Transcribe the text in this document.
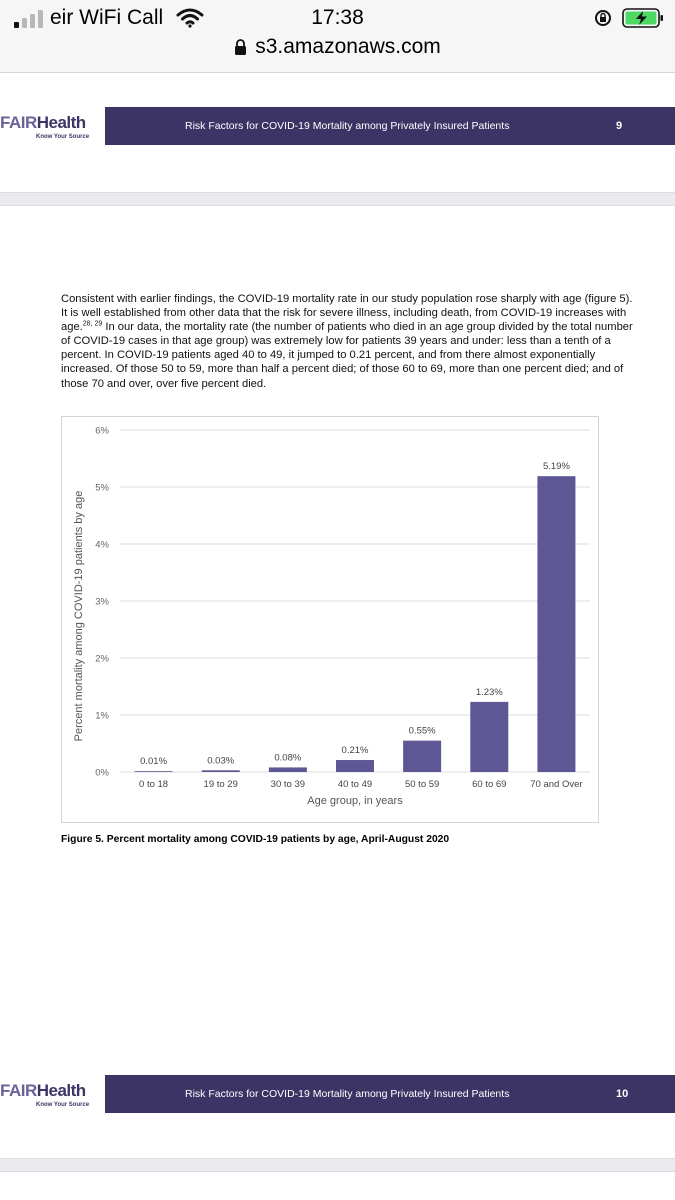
eir WiFi Call	17:38
s3.amazonaws.com
FAIRHealth
Know Your Source
Risk Factors for COVID-19 Mortality among Privately Insured Patients	9
Consistent with earlier findings, the COVID-19 mortality rate in our study population rose sharply with age (figure 5). It is well established from other data that the risk for severe illness, including death, from COVID-19 increases with age.$^{28, 29}$ In our data, the mortality rate (the number of patients who died in an age group divided by the total number of COVID-19 cases in that age group) was extremely low for patients 39 years and under: less than a tenth of a percent. In COVID-19 patients aged 40 to 49, it jumped to 0.21 percent, and from there almost exponentially increased. Of those 50 to 59, more than half a percent died; of those 60 to 69, more than one percent died; and of those 70 and over, over five percent died.
0%
1%
2%
3%
4%
5%
6%
0.01%
0 to 18
0.03%
19 to 29
0.08%
30 to 39
0.21%
40 to 49
0.55%
50 to 59
1.23%
60 to 69
5.19%
70 and Over
Age group, in years
Percent mortality among COVID-19 patients by age
Figure 5. Percent mortality among COVID-19 patients by age, April-August 2020
FAIRHealth
Know Your Source
Risk Factors for COVID-19 Mortality among Privately Insured Patients	10
